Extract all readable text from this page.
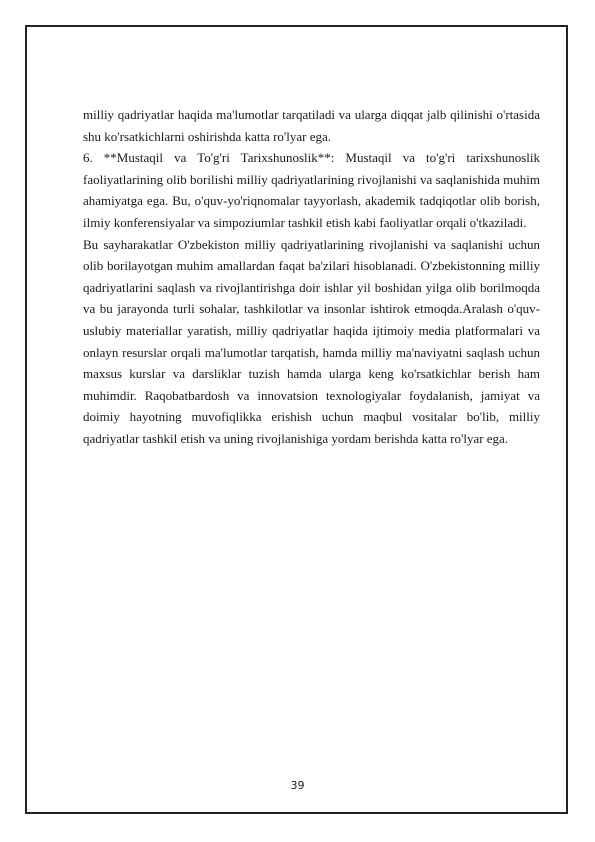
milliy qadriyatlar haqida ma'lumotlar tarqatiladi va ularga diqqat jalb qilinishi o'rtasida shu ko'rsatkichlarni oshirishda katta ro'lyar ega.

6. **Mustaqil va To'g'ri Tarixshunoslik**: Mustaqil va to'g'ri tarixshunoslik faoliyatlarining olib borilishi milliy qadriyatlarining rivojlanishi va saqlanishida muhim ahamiyatga ega. Bu, o'quv-yo'riqnomalar tayyorlash, akademik tadqiqotlar olib borish, ilmiy konferensiyalar va simpoziumlar tashkil etish kabi faoliyatlar orqali o'tkaziladi.

Bu sayharakatlar O'zbekiston milliy qadriyatlarining rivojlanishi va saqlanishi uchun olib borilayotgan muhim amallardan faqat ba'zilari hisoblanadi. O'zbekistonning milliy qadriyatlarini saqlash va rivojlantirishga doir ishlar yil boshidan yilga olib borilmoqda va bu jarayonda turli sohalar, tashkilotlar va insonlar ishtirok etmoqda.Aralash o'quv-uslubiy materiallar yaratish, milliy qadriyatlar haqida ijtimoiy media platformalari va onlayn resurslar orqali ma'lumotlar tarqatish, hamda milliy ma'naviyatni saqlash uchun maxsus kurslar va darsliklar tuzish hamda ularga keng ko'rsatkichlar berish ham muhimdir. Raqobatbardosh va innovatsion texnologiyalar foydalanish, jamiyat va doimiy hayotning muvofiqlikka erishish uchun maqbul vositalar bo'lib, milliy qadriyatlar tashkil etish va uning rivojlanishiga yordam berishda katta ro'lyar ega.

39
